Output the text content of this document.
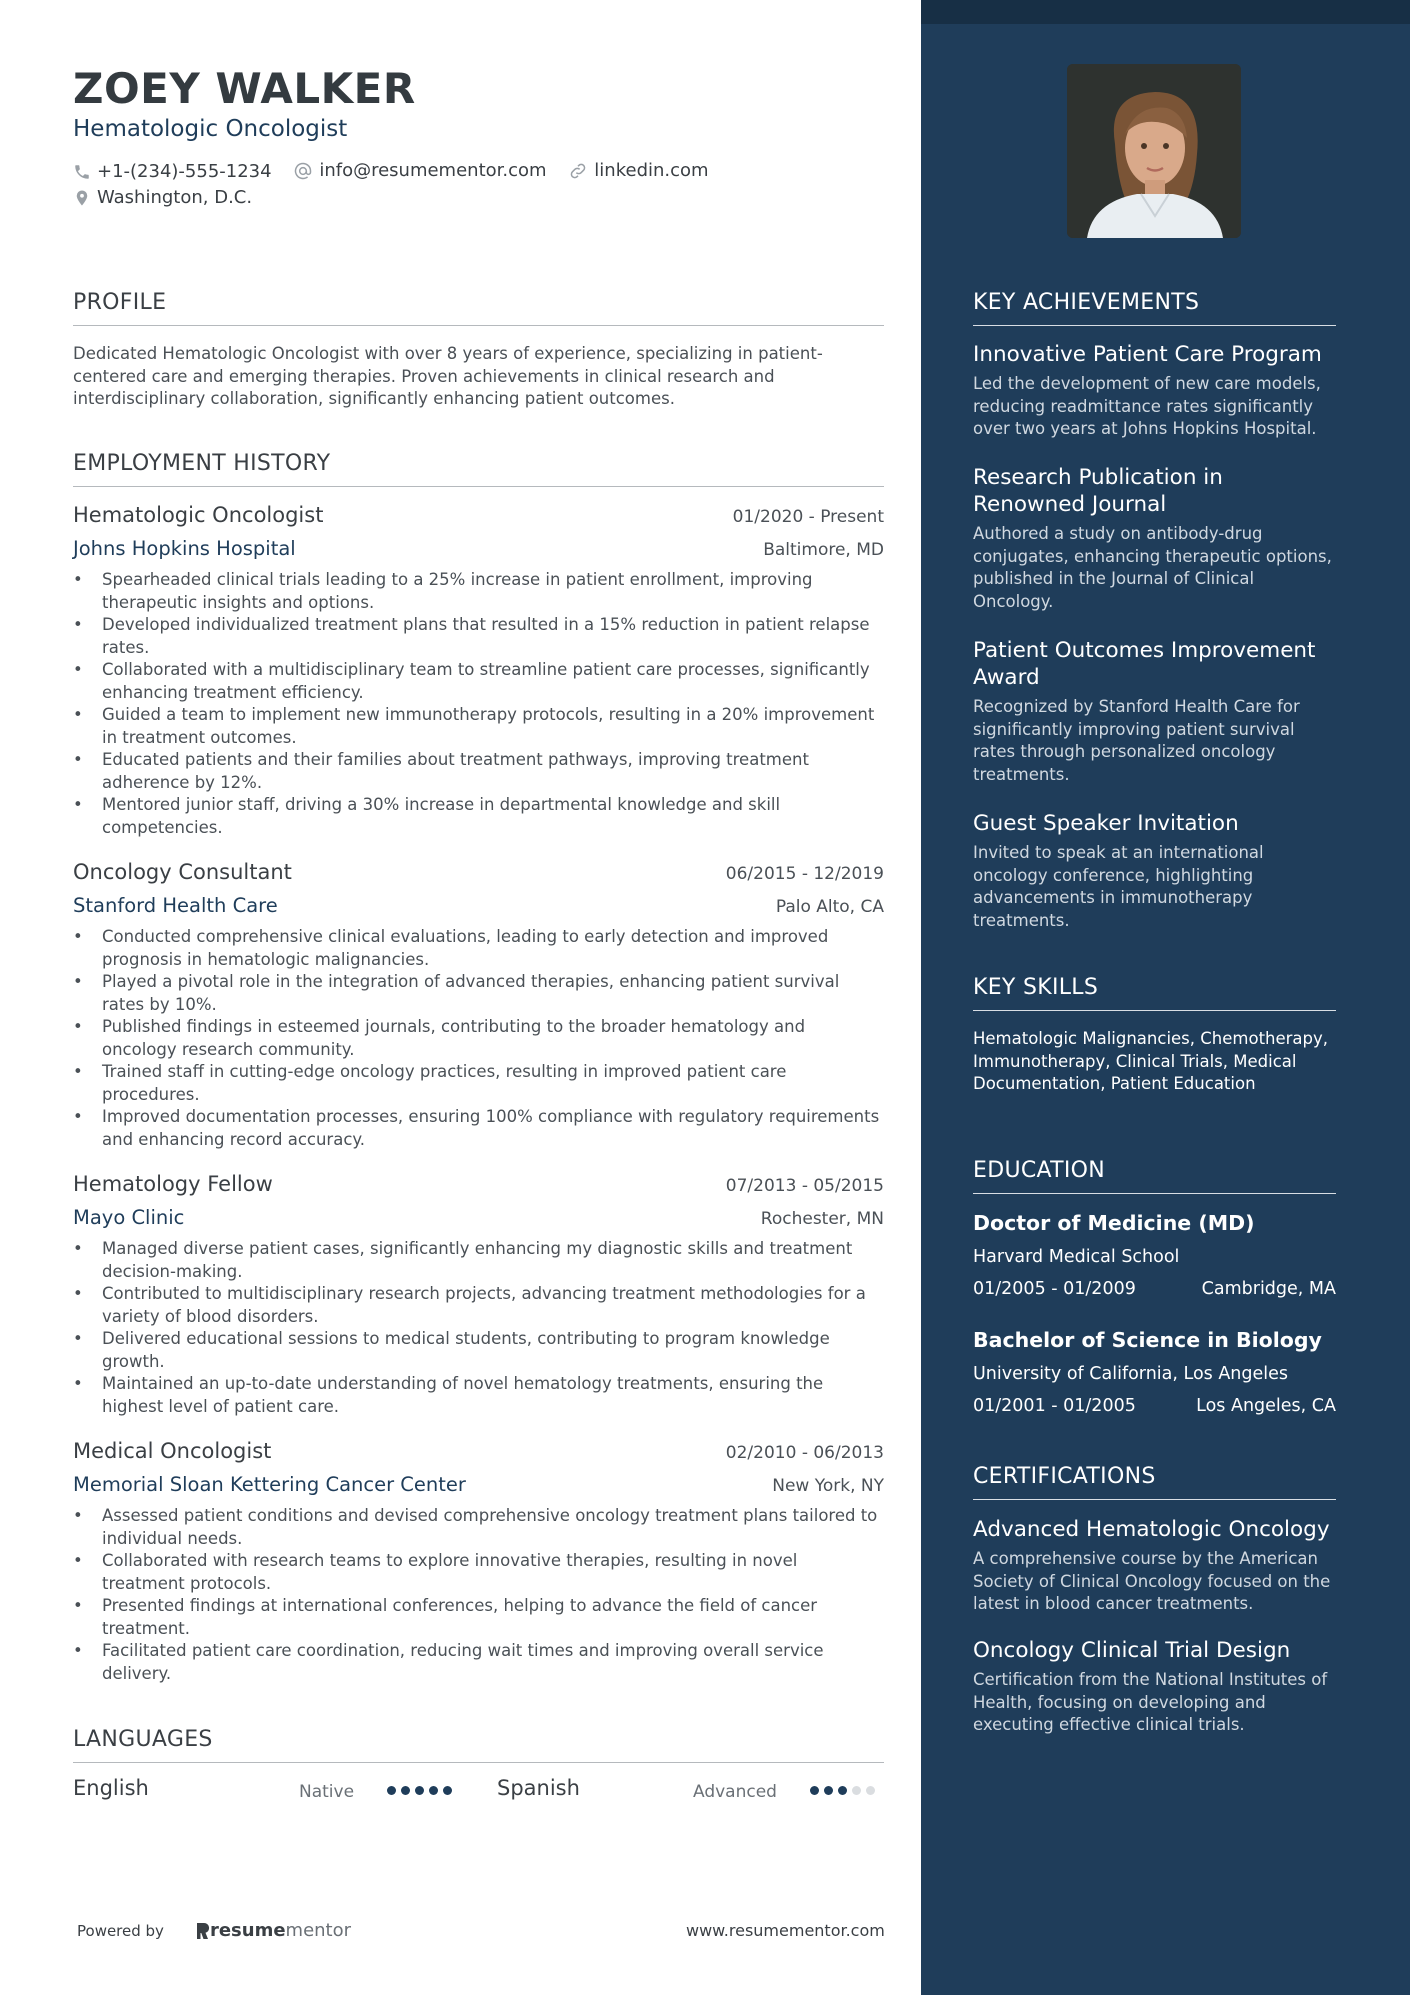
ZOEY WALKER
Hematologic Oncologist
+1-(234)-555-1234
	info@resumementor.com
	linkedin.com
Washington, D.C.
PROFILE
Dedicated Hematologic Oncologist with over 8 years of experience, specializing in patient-centered care and emerging therapies. Proven achievements in clinical research and interdisciplinary collaboration, significantly enhancing patient outcomes.
EMPLOYMENT HISTORY
Hematologic Oncologist	01/2020 - Present
Johns Hopkins Hospital	Baltimore, MD
• Spearheaded clinical trials leading to a 25% increase in patient enrollment, improving therapeutic insights and options.
• Developed individualized treatment plans that resulted in a 15% reduction in patient relapse rates.
• Collaborated with a multidisciplinary team to streamline patient care processes, significantly enhancing treatment efficiency.
• Guided a team to implement new immunotherapy protocols, resulting in a 20% improvement in treatment outcomes.
• Educated patients and their families about treatment pathways, improving treatment adherence by 12%.
• Mentored junior staff, driving a 30% increase in departmental knowledge and skill competencies.
Oncology Consultant	06/2015 - 12/2019
Stanford Health Care	Palo Alto, CA
• Conducted comprehensive clinical evaluations, leading to early detection and improved prognosis in hematologic malignancies.
• Played a pivotal role in the integration of advanced therapies, enhancing patient survival rates by 10%.
• Published findings in esteemed journals, contributing to the broader hematology and oncology research community.
• Trained staff in cutting-edge oncology practices, resulting in improved patient care procedures.
• Improved documentation processes, ensuring 100% compliance with regulatory requirements and enhancing record accuracy.
Hematology Fellow	07/2013 - 05/2015
Mayo Clinic	Rochester, MN
• Managed diverse patient cases, significantly enhancing my diagnostic skills and treatment decision-making.
• Contributed to multidisciplinary research projects, advancing treatment methodologies for a variety of blood disorders.
• Delivered educational sessions to medical students, contributing to program knowledge growth.
• Maintained an up-to-date understanding of novel hematology treatments, ensuring the highest level of patient care.
Medical Oncologist	02/2010 - 06/2013
Memorial Sloan Kettering Cancer Center	New York, NY
• Assessed patient conditions and devised comprehensive oncology treatment plans tailored to individual needs.
• Collaborated with research teams to explore innovative therapies, resulting in novel treatment protocols.
• Presented findings at international conferences, helping to advance the field of cancer treatment.
• Facilitated patient care coordination, reducing wait times and improving overall service delivery.
LANGUAGES
English	Native	Spanish	Advanced
Powered by	resume mentor	www.resumementor.com
KEY ACHIEVEMENTS
Innovative Patient Care Program
Led the development of new care models, reducing readmittance rates significantly over two years at Johns Hopkins Hospital.
Research Publication in Renowned Journal
Authored a study on antibody-drug conjugates, enhancing therapeutic options, published in the Journal of Clinical Oncology.
Patient Outcomes Improvement Award
Recognized by Stanford Health Care for significantly improving patient survival rates through personalized oncology treatments.
Guest Speaker Invitation
Invited to speak at an international oncology conference, highlighting advancements in immunotherapy treatments.
KEY SKILLS
Hematologic Malignancies, Chemotherapy, Immunotherapy, Clinical Trials, Medical Documentation, Patient Education
EDUCATION
Doctor of Medicine (MD)
Harvard Medical School
01/2005 - 01/2009	Cambridge, MA
Bachelor of Science in Biology
University of California, Los Angeles
01/2001 - 01/2005	Los Angeles, CA
CERTIFICATIONS
Advanced Hematologic Oncology
A comprehensive course by the American Society of Clinical Oncology focused on the latest in blood cancer treatments.
Oncology Clinical Trial Design
Certification from the National Institutes of Health, focusing on developing and executing effective clinical trials.
